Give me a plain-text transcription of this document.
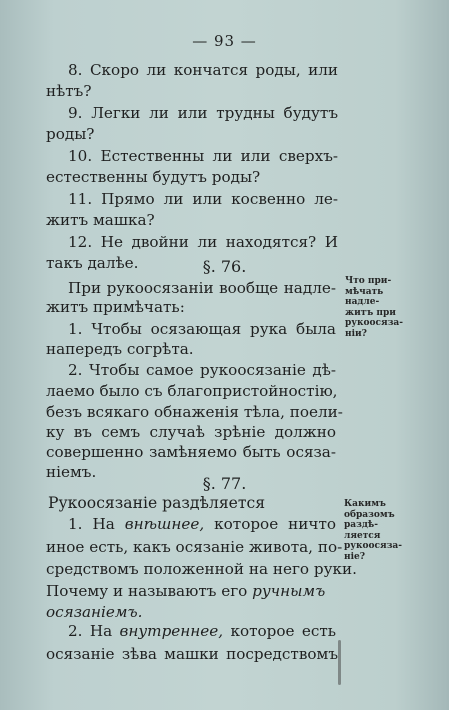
— 93 —
8. Скоро ли кончатся роды, или
нѣтъ?
9. Легки ли или трудны будутъ
роды?
10. Естественны ли или сверхъ-
естественны будутъ роды?
11. Прямо ли или косвенно ле-
житъ машка?
12. Не двойни ли находятся? И
такъ далѣе.	§. 76.
При рукоосязаніи вообще надле-
житъ примѣчать:
1. Чтобы осязающая рука была
напередъ согрѣта.
2. Чтобы самое рукоосязаніе дѣ-
лаемо было съ благопристойностію,
безъ всякаго обнаженія тѣла, поели-
ку въ семъ случаѣ зрѣніе должно
совершенно замѣняемо быть осяза-
ніемъ.
Что при-
мѣчать
надле-
житъ при
рукоосяза-
ніи?
§. 77.
Рукоосязаніе раздѣляется
1. На внѣшнее, которое ничто
иное есть, какъ осязаніе живота, по-
средствомъ положенной на него руки.
Почему и называютъ его ручнымъ
осязаніемъ.
2. На внутреннее, которое есть
осязаніе зѣва машки посредствомъ
Какимъ
образомъ
раздѣ-
ляется
рукоосяза-
ніе?
